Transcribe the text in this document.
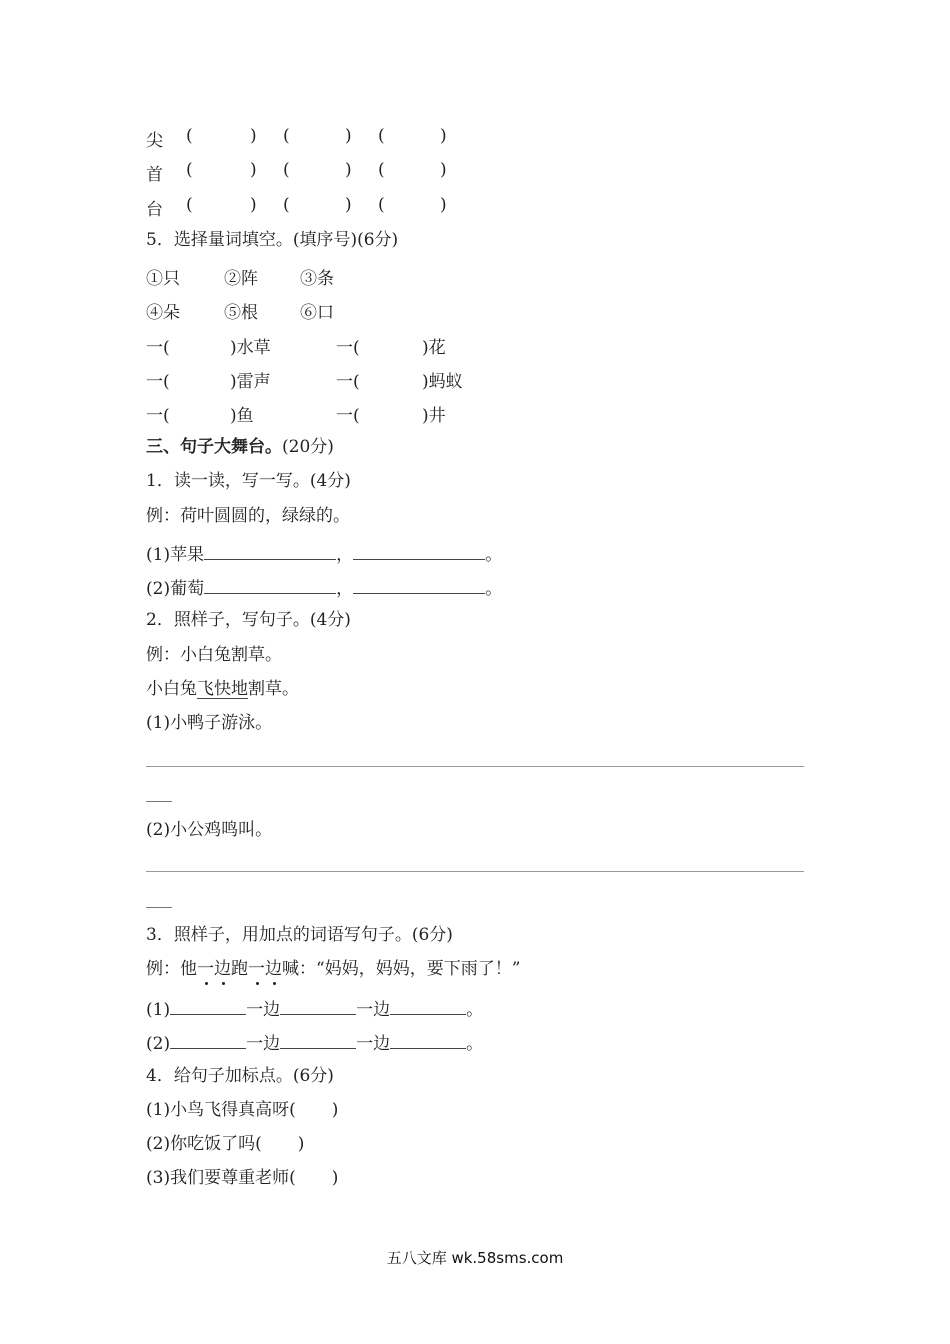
尖 (	) (	) (	)
首 (	) (	) (	)
台 (	) (	) (	)
5．选择量词填空。(填序号)(6分)
①只	②阵 ③条
④朵	⑤根 ⑥口
一(	)水草	一(	)花
一(	)雷声	一(	)蚂蚁
一(	)鱼	一(	)井
三、句子大舞台。(20分)
1．读一读，写一写。(4分)
例：荷叶圆圆的，绿绿的。
(1)苹果	，	。
(2)葡萄	，	。
2．照样子，写句子。(4分)
例：小白兔割草。
小白兔飞快地割草。
(1)小鸭子游泳。
(2)小公鸡鸣叫。
3．照样子，用加点的词语写句子。(6分)
例：他一边跑一边喊：“妈妈，妈妈，要下雨了！”
(1)	一边	一边	。
(2)	一边	一边	。
4．给句子加标点。(6分)
(1)小鸟飞得真高呀( )
(2)你吃饭了吗( )
(3)我们要尊重老师( )
五八文库 wk.58sms.com
